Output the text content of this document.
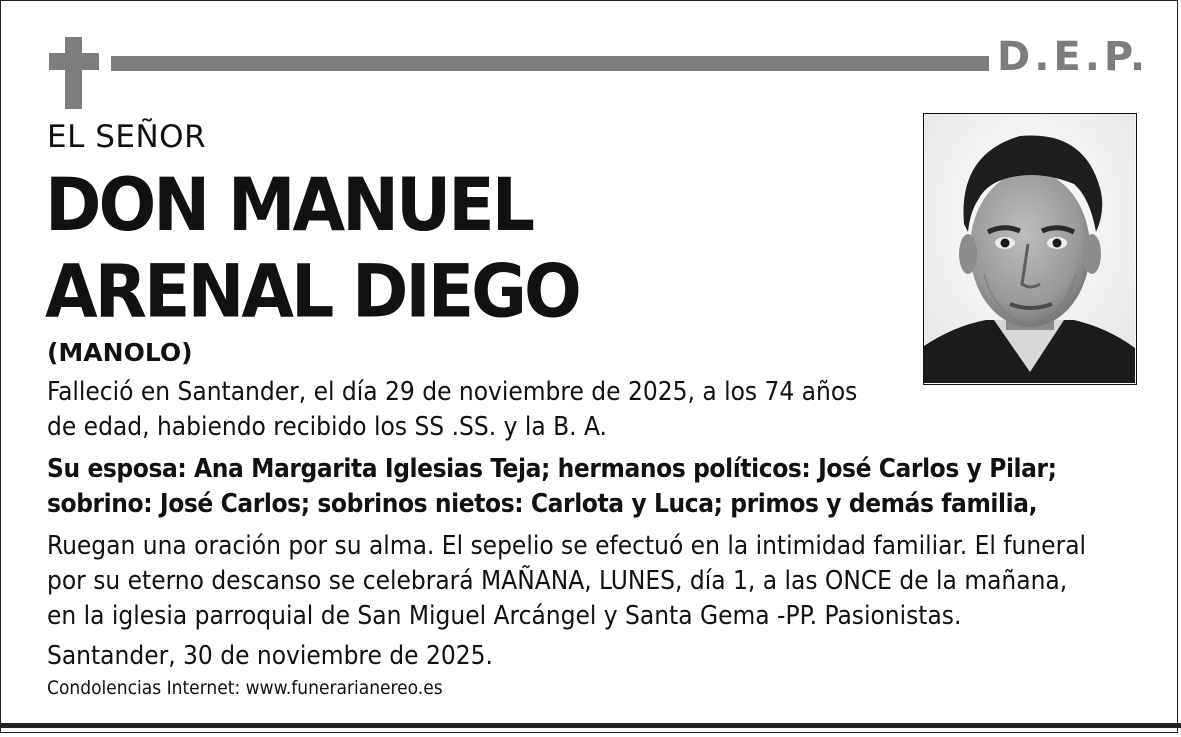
D.E.P.
EL SEÑOR
DON MANUEL
ARENAL DIEGO
(MANOLO)

Falleció en Santander, el día 29 de noviembre de 2025, a los 74 años
de edad, habiendo recibido los SS .SS. y la B. A.

Su esposa: Ana Margarita Iglesias Teja; hermanos políticos: José Carlos y Pilar;
sobrino: José Carlos; sobrinos nietos: Carlota y Luca; primos y demás familia,

Ruegan una oración por su alma. El sepelio se efectuó en la intimidad familiar. El funeral
por su eterno descanso se celebrará MAÑANA, LUNES, día 1, a las ONCE de la mañana,
en la iglesia parroquial de San Miguel Arcángel y Santa Gema -PP. Pasionistas.

Santander, 30 de noviembre de 2025.

Condolencias Internet: www.funerarianereo.es
